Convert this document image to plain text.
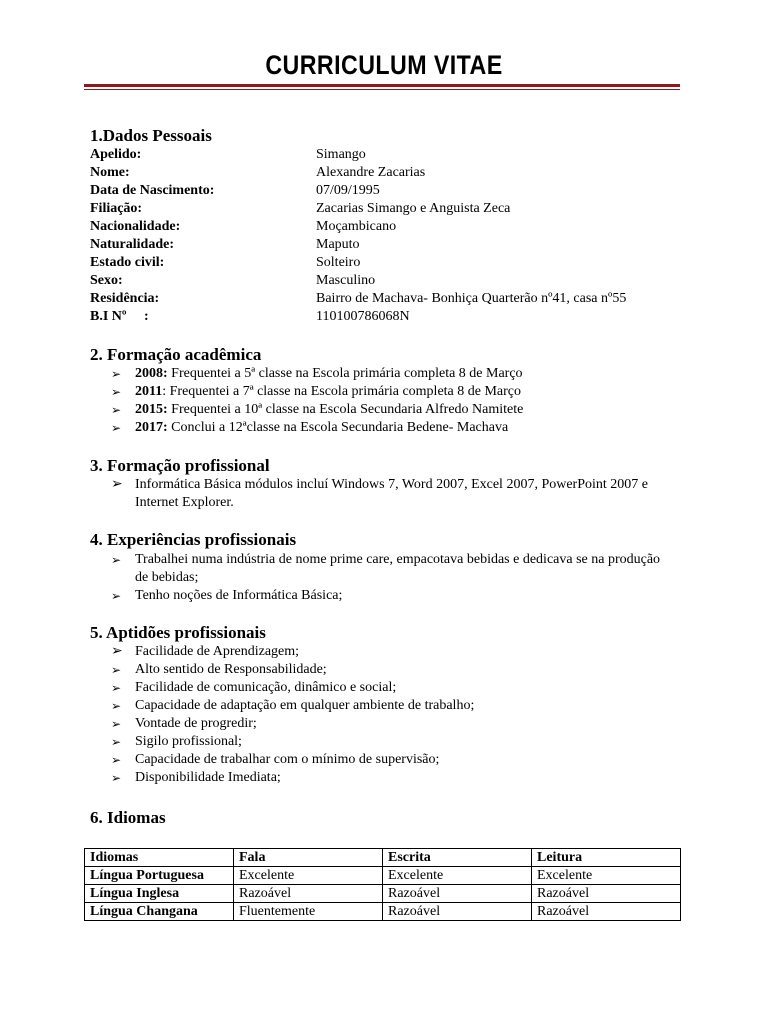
CURRICULUM VITAE
1.Dados Pessoais
Apelido:	Simango
Nome:	Alexandre Zacarias
Data de Nascimento:	07/09/1995
Filiação:	Zacarias Simango e Anguista Zeca
Nacionalidade:	Moçambicano
Naturalidade:	Maputo
Estado civil:	Solteiro
Sexo:	Masculino
Residência:	Bairro de Machava- Bonhiça Quarterão nº41, casa nº55
B.I Nº     :	110100786068N
2. Formação acadêmica
➢ 2008: Frequentei a 5ª classe na Escola primária completa 8 de Março
➢ 2011: Frequentei a 7ª classe na Escola primária completa 8 de Março
➢ 2015: Frequentei a 10ª classe na Escola Secundaria Alfredo Namitete
➢ 2017: Conclui a 12ªclasse na Escola Secundaria Bedene- Machava
3. Formação profissional
➢ Informática Básica módulos incluí Windows 7, Word 2007, Excel 2007, PowerPoint 2007 e Internet Explorer.
4. Experiências profissionais
➢ Trabalhei numa indústria de nome prime care, empacotava bebidas e dedicava se na produção de bebidas;
➢ Tenho noções de Informática Básica;
5. Aptidões profissionais
➢ Facilidade de Aprendizagem;
➢ Alto sentido de Responsabilidade;
➢ Facilidade de comunicação, dinâmico e social;
➢ Capacidade de adaptação em qualquer ambiente de trabalho;
➢ Vontade de progredir;
➢ Sigilo profissional;
➢ Capacidade de trabalhar com o mínimo de supervisão;
➢ Disponibilidade Imediata;
6. Idiomas
Idiomas	Fala	Escrita	Leitura
Língua Portuguesa	Excelente	Excelente	Excelente
Língua Inglesa	Razoável	Razoável	Razoável
Língua Changana	Fluentemente	Razoável	Razoável
